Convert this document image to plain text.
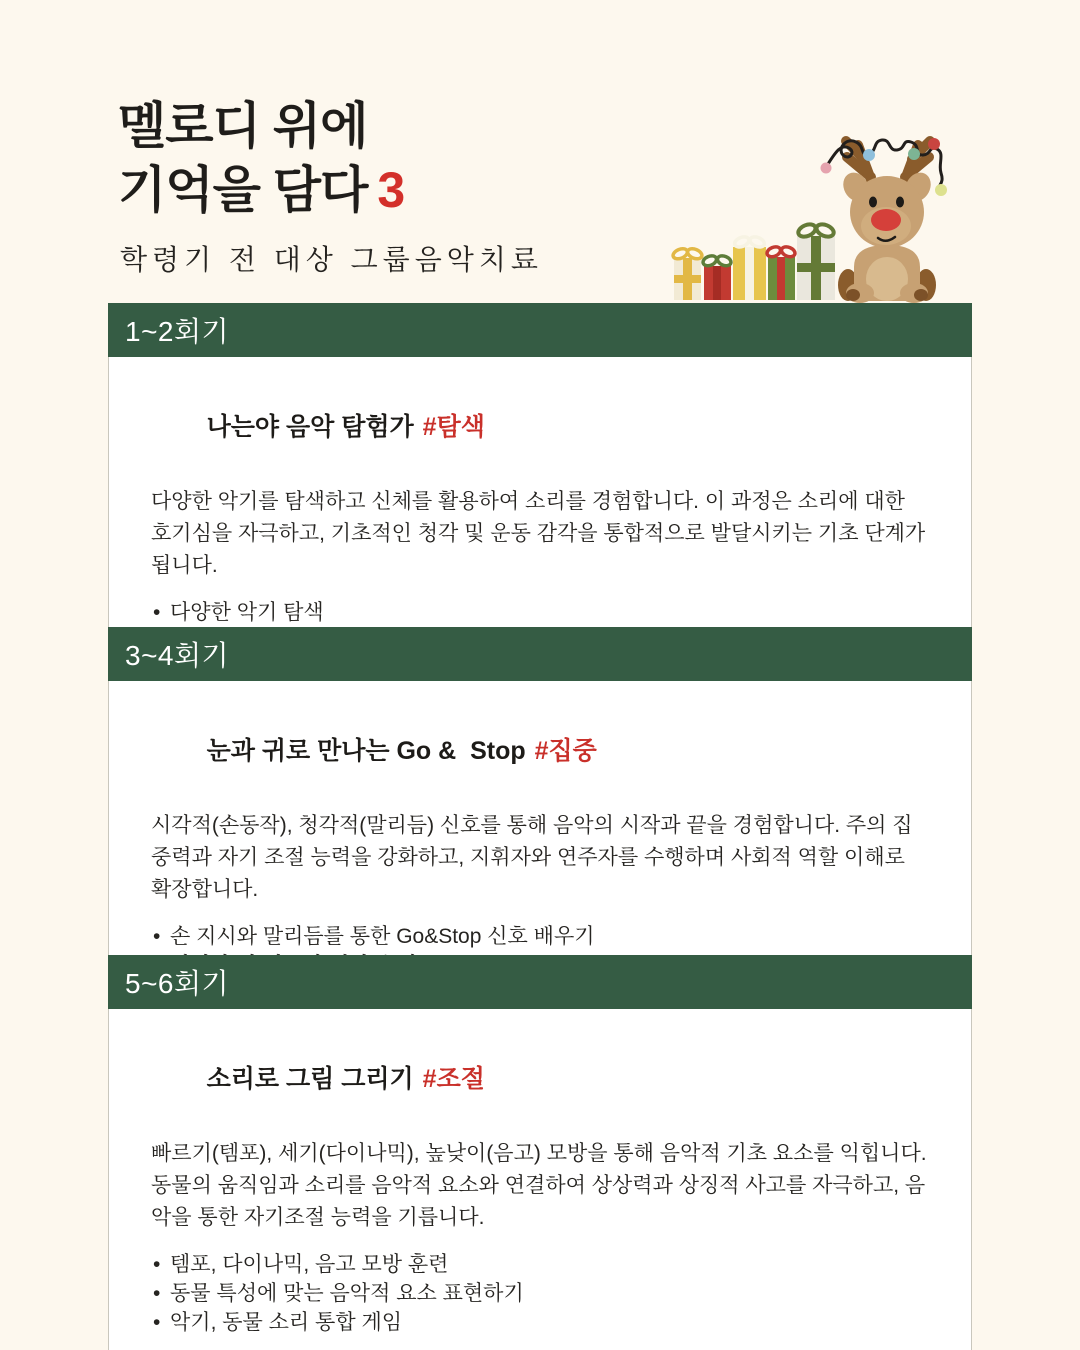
멜로디 위에
기억을 담다 3

학령기 전 대상 그룹음악치료

1~2회기

나는야 음악 탐험가 #탐색

다양한 악기를 탐색하고 신체를 활용하여 소리를 경험합니다. 이 과정은 소리에 대한 호기심을 자극하고, 기초적인 청각 및 운동 감각을 통합적으로 발달시키는 기초 단계가 됩니다.

• 다양한 악기 탐색
•
3~4회기

눈과 귀로 만나는 Go &  Stop #집중

시각적(손동작), 청각적(말리듬) 신호를 통해 음악의 시작과 끝을 경험합니다. 주의 집중력과 자기 조절 능력을 강화하고, 지휘자와 연주자를 수행하며 사회적 역할 이해로 확장합니다.

• 손 지시와 말리듬를 통한 Go&Stop 신호 배우기
•
5~6회기

소리로 그림 그리기 #조절

빠르기(템포), 세기(다이나믹), 높낮이(음고) 모방을 통해 음악적 기초 요소를 익힙니다. 동물의 움직임과 소리를 음악적 요소와 연결하여 상상력과 상징적 사고를 자극하고, 음악을 통한 자기조절 능력을 기릅니다.

• 템포, 다이나믹, 음고 모방 훈련
• 동물 특성에 맞는 음악적 요소 표현하기
• 악기, 동물 소리 통합 게임
